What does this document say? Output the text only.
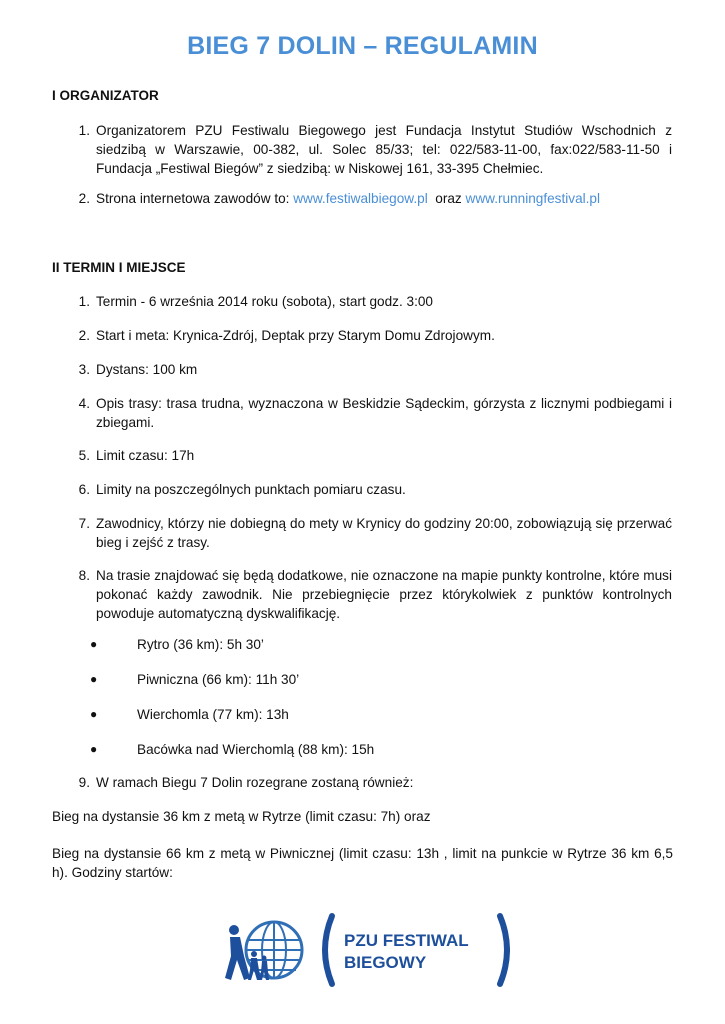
BIEG 7 DOLIN – REGULAMIN
I ORGANIZATOR
1. Organizatorem PZU Festiwalu Biegowego jest Fundacja Instytut Studiów Wschodnich z siedzibą w Warszawie, 00-382, ul. Solec 85/33; tel: 022/583-11-00, fax:022/583-11-50 i Fundacja „Festiwal Biegów” z siedzibą: w Niskowej 161, 33-395 Chełmiec.
2. Strona internetowa zawodów to: www.festiwalbiegow.pl  oraz www.runningfestival.pl
II TERMIN I MIEJSCE
1. Termin - 6 września 2014 roku (sobota), start godz. 3:00
2. Start i meta: Krynica-Zdrój, Deptak przy Starym Domu Zdrojowym.
3. Dystans: 100 km
4. Opis trasy: trasa trudna, wyznaczona w Beskidzie Sądeckim, górzysta z licznymi podbiegami i zbiegami.
5. Limit czasu: 17h
6. Limity na poszczególnych punktach pomiaru czasu.
7. Zawodnicy, którzy nie dobiegną do mety w Krynicy do godziny 20:00, zobowiązują się przerwać bieg i zejść z trasy.
8. Na trasie znajdować się będą dodatkowe, nie oznaczone na mapie punkty kontrolne, które musi pokonać każdy zawodnik. Nie przebiegnięcie przez którykolwiek z punktów kontrolnych powoduje automatyczną dyskwalifikację.
●	Rytro (36 km): 5h 30’
●	Piwniczna (66 km): 11h 30’
●	Wierchomla (77 km): 13h
●	Bacówka nad Wierchomlą (88 km): 15h
9. W ramach Biegu 7 Dolin rozegrane zostaną również:
Bieg na dystansie 36 km z metą w Rytrze (limit czasu: 7h) oraz
Bieg na dystansie 66 km z metą w Piwnicznej (limit czasu: 13h , limit na punkcie w Rytrze 36 km 6,5 h). Godziny startów:
PZU FESTIWAL
BIEGOWY
